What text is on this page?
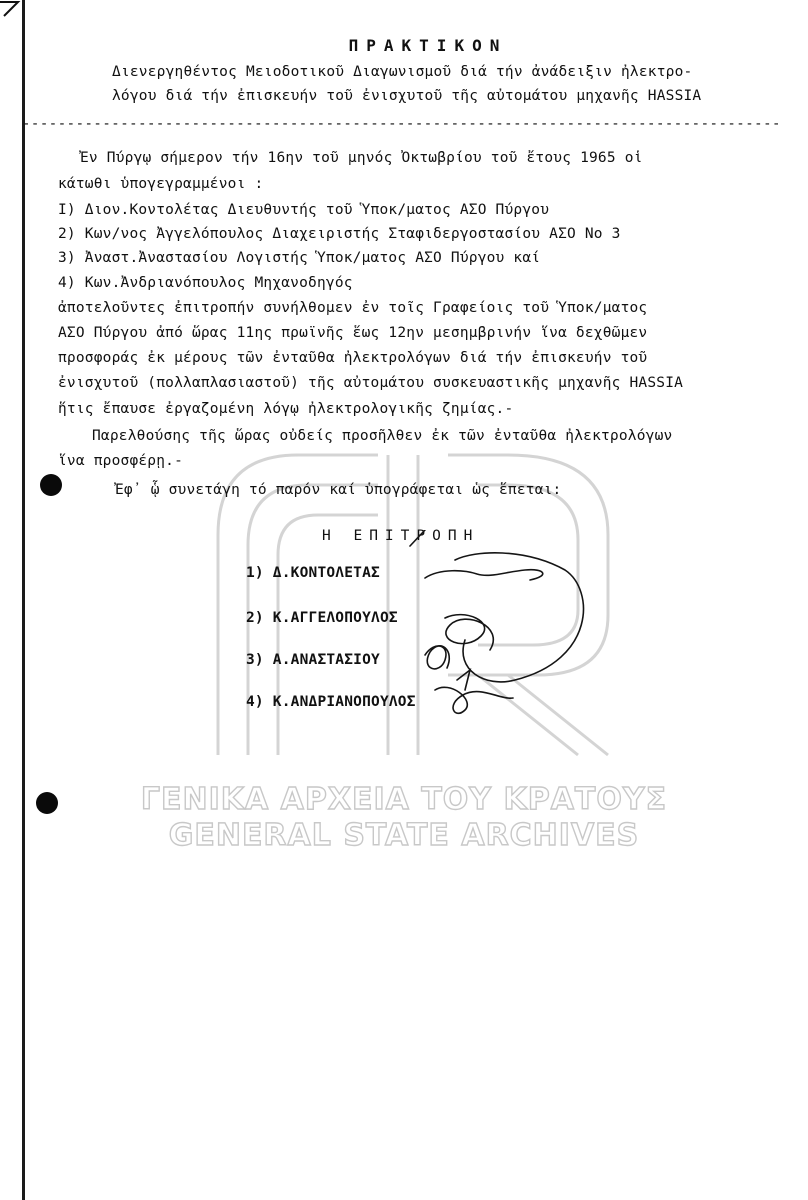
ΓΕΝΙΚΑ ΑΡΧΕΙΑ ΤΟΥ ΚΡΑΤΟΥΣ
GENERAL STATE ARCHIVES
ΠΡΑΚΤΙΚΟΝ
Διενεργηθέντος Μειοδοτικοῦ Διαγωνισμοῦ διά τήν ἀνάδειξιν ἠλεκτρο-
λόγου διά τήν ἐπισκευήν τοῦ ἐνισχυτοῦ τῆς αὐτομάτου μηχανῆς HASSIA
-------------------------------------------------------------------------------------
Ἐν Πύργῳ σήμερον τήν 16ην τοῦ μηνός Ὀκτωβρίου τοῦ ἔτους 1965 οἱ
κάτωθι ὑπογεγραμμένοι :
I) Διον.Κοντολέτας Διευθυντής τοῦ Ὑποκ/ματος ΑΣΟ Πύργου
2) Κων/νος Ἀγγελόπουλος Διαχειριστής Σταφιδεργοστασίου ΑΣΟ Νο 3
3) Ἀναστ.Ἀναστασίου Λογιστής Ὑποκ/ματος ΑΣΟ Πύργου καί
4) Κων.Ἀνδριανόπουλος Μηχανοδηγός
ἀποτελοῦντες ἐπιτροπήν συνήλθομεν ἐν τοῖς Γραφείοις τοῦ Ὑποκ/ματος
ΑΣΟ Πύργου ἀπό ὥρας 11ης πρωϊνῆς ἕως 12ην μεσημβρινήν ἵνα δεχθῶμεν
προσφοράς ἐκ μέρους τῶν ἐνταῦθα ἠλεκτρολόγων διά τήν ἐπισκευήν τοῦ
ἐνισχυτοῦ (πολλαπλασιαστοῦ) τῆς αὐτομάτου συσκευαστικῆς μηχανῆς HASSIA
ἥτις ἔπαυσε ἐργαζομένη λόγῳ ἠλεκτρολογικῆς ζημίας.-
Παρελθούσης τῆς ὥρας οὐδείς προσῆλθεν ἐκ τῶν ἐνταῦθα ἠλεκτρολόγων
ἵνα προσφέρῃ.-
Ἐφ᾽ ᾧ συνετάγη τό παρόν καί ὑπογράφεται ὡς ἕπεται:
Η ΕΠΙΤΡΟΠΗ
1) Δ.ΚΟΝΤΟΛΕΤΑΣ
2) Κ.ΑΓΓΕΛΟΠΟΥΛΟΣ
3) Α.ΑΝΑΣΤΑΣΙΟΥ
4) Κ.ΑΝΔΡΙΑΝΟΠΟΥΛΟΣ
